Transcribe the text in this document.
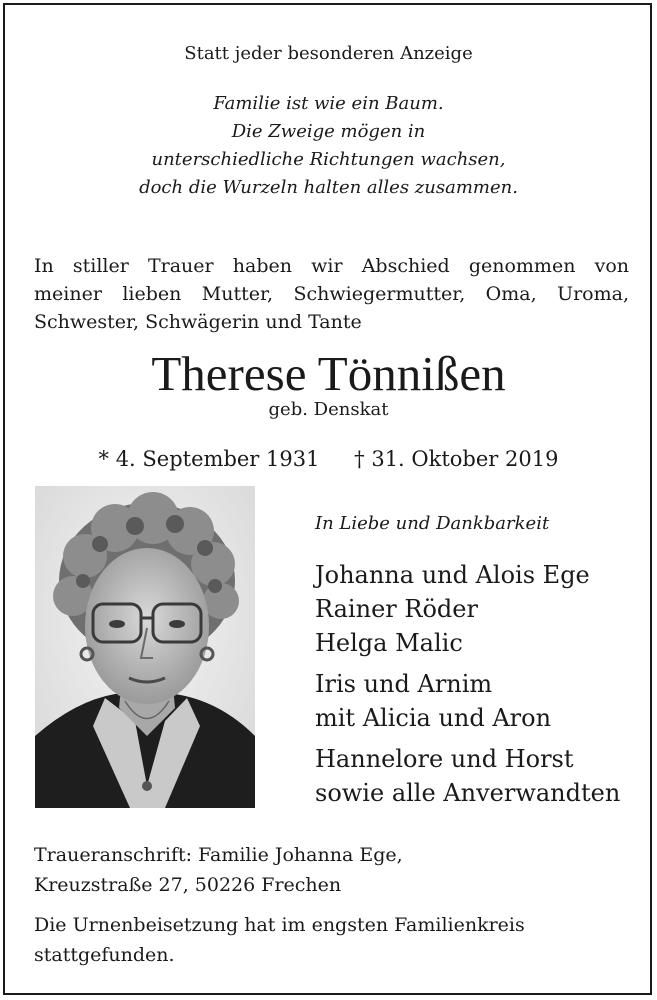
Statt jeder besonderen Anzeige
Familie ist wie ein Baum.
Die Zweige mögen in
unterschiedliche Richtungen wachsen,
doch die Wurzeln halten alles zusammen.
In stiller Trauer haben wir Abschied genommen von
meiner lieben Mutter, Schwiegermutter, Oma, Uroma,
Schwester, Schwägerin und Tante
Therese Tönnißen
geb. Denskat
* 4. September 1931 † 31. Oktober 2019
In Liebe und Dankbarkeit
Johanna und Alois Ege
Rainer Röder
Helga Malic
Iris und Arnim
mit Alicia und Aron
Hannelore und Horst
sowie alle Anverwandten
Traueranschrift: Familie Johanna Ege,
Kreuzstraße 27, 50226 Frechen
Die Urnenbeisetzung hat im engsten Familienkreis
stattgefunden.
